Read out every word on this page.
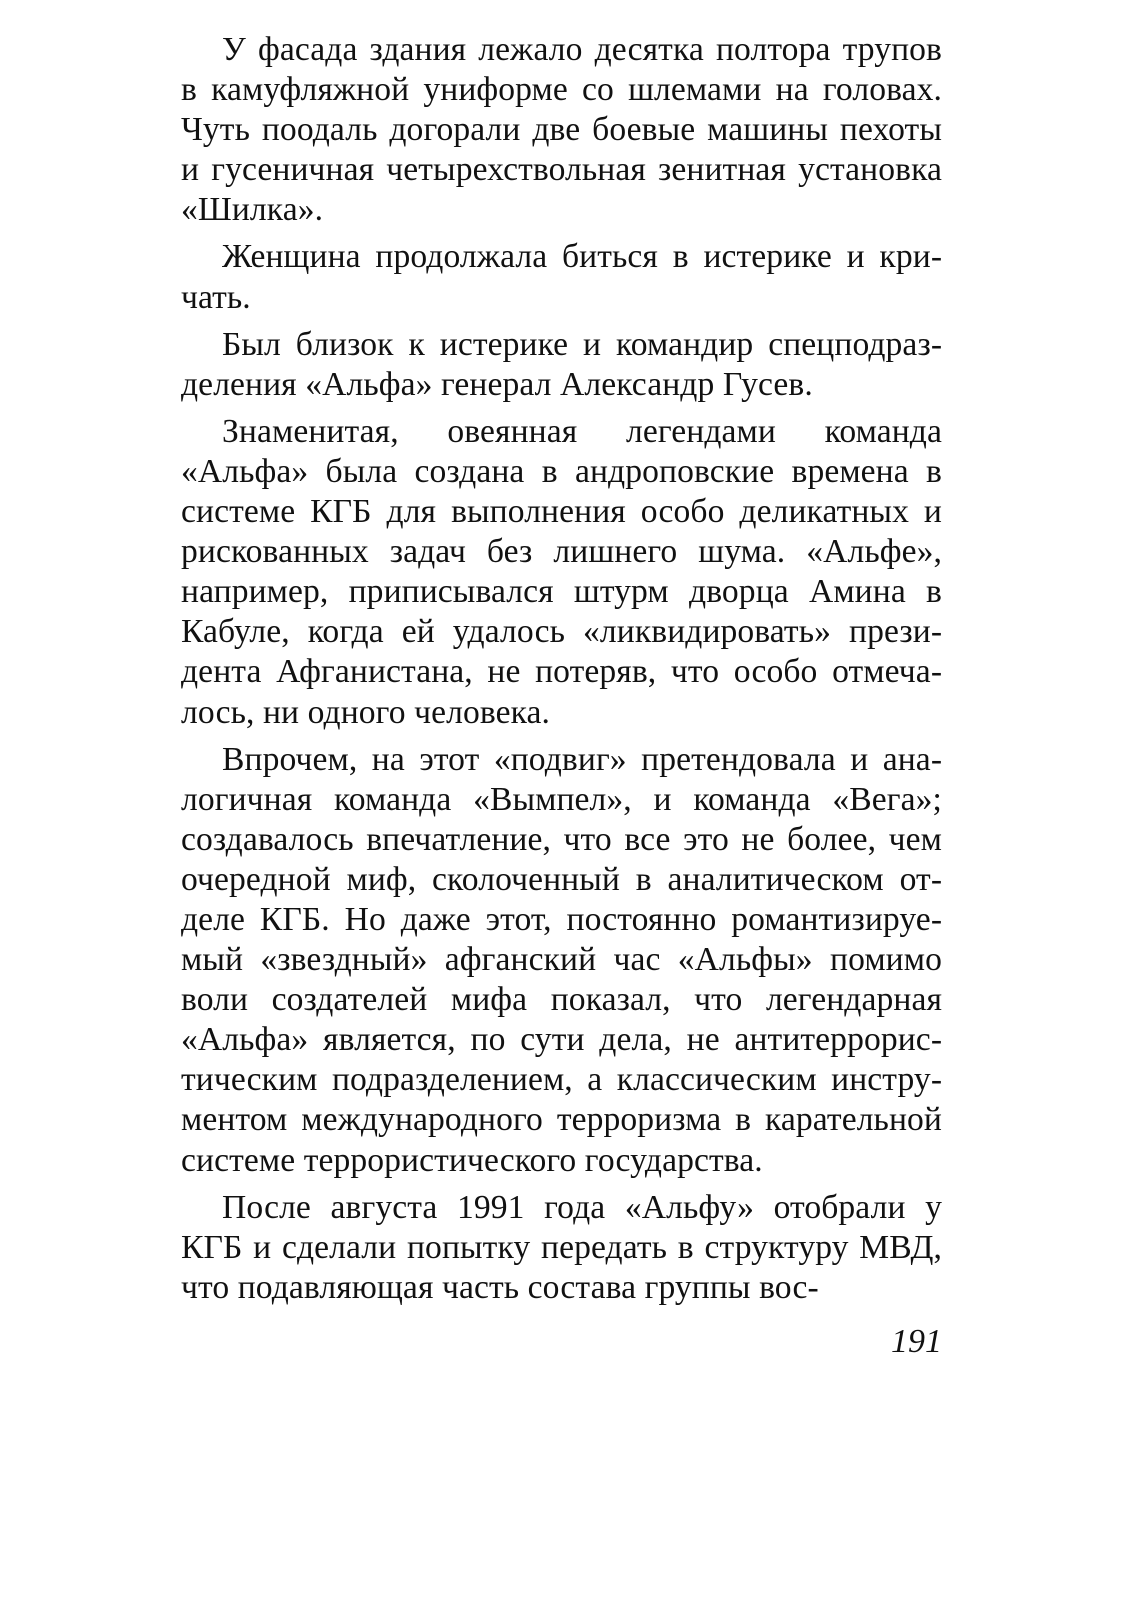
У фасада здания лежало десятка полтора трупов в камуфляжной униформе со шлемами на головах. Чуть поодаль догорали две боевые машины пехоты и гусеничная четырехствольная зенитная установка «Шилка».

Женщина продолжала биться в истерике и кричать.

Был близок к истерике и командир спецподразделения «Альфа» генерал Александр Гусев.

Знаменитая, овеянная легендами команда «Альфа» была создана в андроповские времена в системе КГБ для выполнения особо деликатных и рискованных задач без лишнего шума. «Альфе», например, приписывался штурм дворца Амина в Кабуле, когда ей удалось «ликвидировать» президента Афганистана, не потеряв, что особо отмечалось, ни одного человека.

Впрочем, на этот «подвиг» претендовала и аналогичная команда «Вымпел», и команда «Вега»; создавалось впечатление, что все это не более, чем очередной миф, сколоченный в аналитическом отделе КГБ. Но даже этот, постоянно романтизируемый «звездный» афганский час «Альфы» помимо воли создателей мифа показал, что легендарная «Альфа» является, по сути дела, не антитеррористическим подразделением, а классическим инструментом международного терроризма в карательной системе террористического государства.

После августа 1991 года «Альфу» отобрали у КГБ и сделали попытку передать в структуру МВД, что подавляющая часть состава группы вос-

191
